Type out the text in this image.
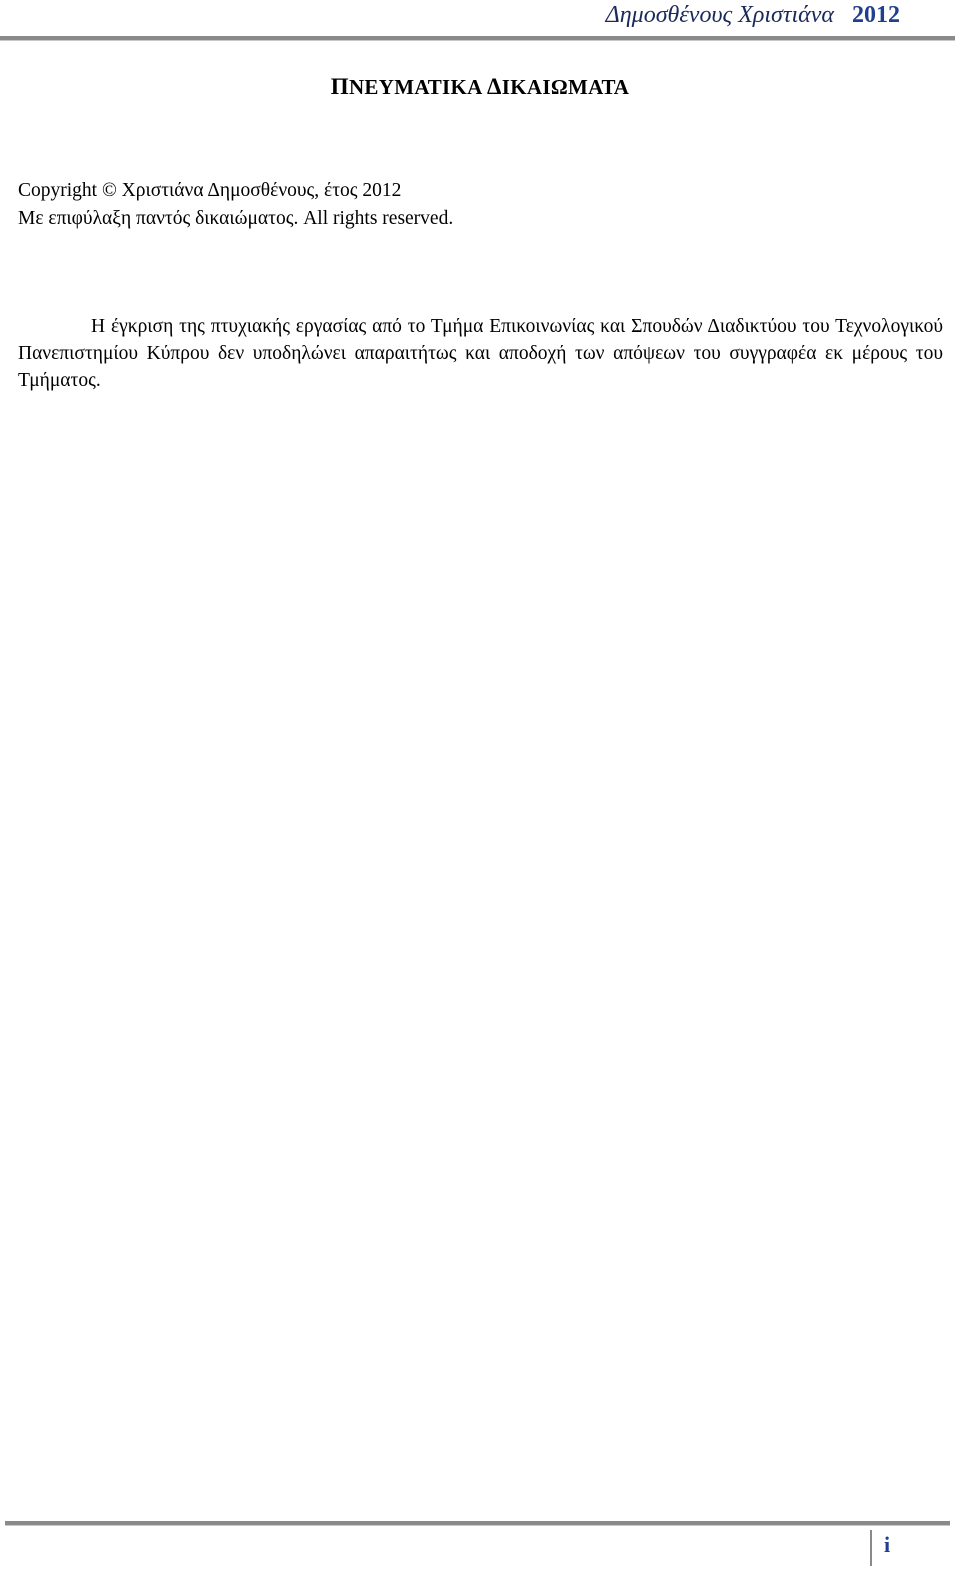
Δημοσθένους Χριστιάνα 2012
ΠΝΕΥΜΑΤΙΚΑ ΔΙΚΑΙΩΜΑΤΑ
Copyright © Χριστιάνα Δημοσθένους, έτος 2012
Με επιφύλαξη παντός δικαιώματος. All rights reserved.

Η έγκριση της πτυχιακής εργασίας από το Τμήμα Επικοινωνίας και Σπουδών Διαδικτύου του Τεχνολογικού Πανεπιστημίου Κύπρου δεν υποδηλώνει απαραιτήτως και αποδοχή των απόψεων του συγγραφέα εκ μέρους του Τμήματος.

i
